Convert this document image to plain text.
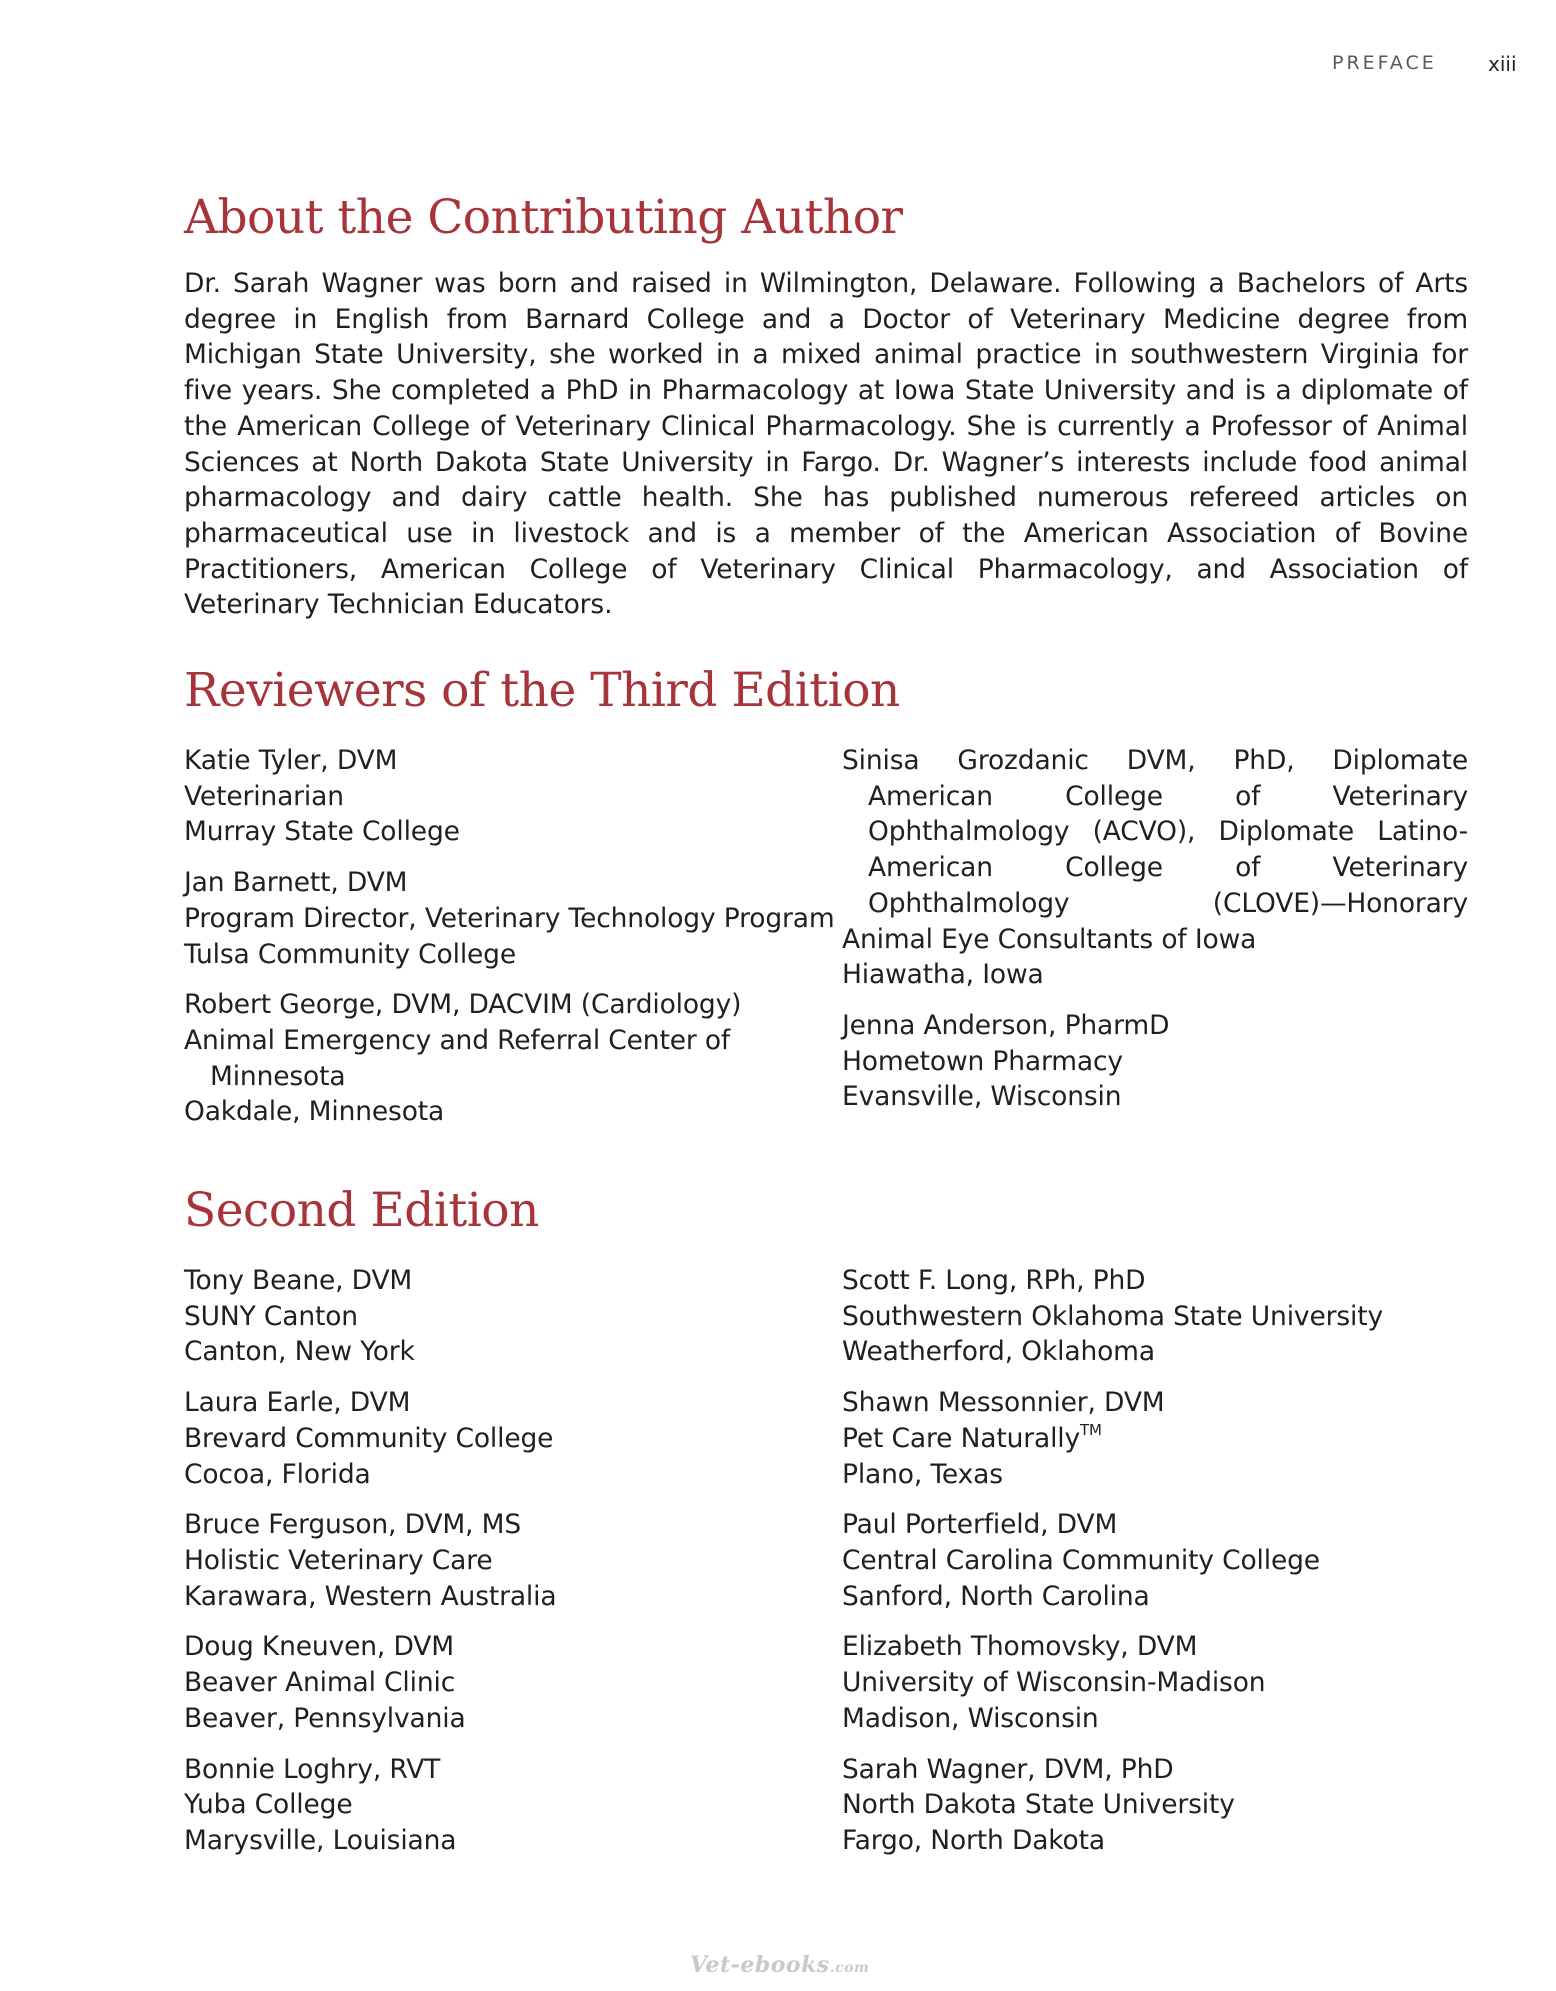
PREFACE	xiii
About the Contributing Author

Dr. Sarah Wagner was born and raised in Wilmington, Delaware. Following a Bachelors of Arts degree in English from Barnard College and a Doctor of Veterinary Medicine degree from Michigan State University, she worked in a mixed animal practice in southwestern Virginia for five years. She completed a PhD in Pharmacology at Iowa State University and is a diplomate of the American College of Veterinary Clinical Pharmacology. She is currently a Professor of Animal Sciences at North Dakota State University in Fargo. Dr. Wagner’s interests include food animal pharmacology and dairy cattle health. She has published numerous refereed articles on pharmaceutical use in livestock and is a member of the American Association of Bovine Practitioners, American College of Veterinary Clinical Pharmacology, and Association of Veterinary Technician Educators.

Reviewers of the Third Edition
Katie Tyler, DVM
Veterinarian
Murray State College
Jan Barnett, DVM
Program Director, Veterinary Technology Program
Tulsa Community College
Robert George, DVM, DACVIM (Cardiology)
Animal Emergency and Referral Center of Minnesota
Oakdale, Minnesota
Sinisa Grozdanic DVM, PhD, Diplomate American College of Veterinary Ophthalmology (ACVO), Diplomate Latino-American College of Veterinary Ophthalmology (CLOVE)—Honorary
Animal Eye Consultants of Iowa
Hiawatha, Iowa
Jenna Anderson, PharmD
Hometown Pharmacy
Evansville, Wisconsin
Second Edition
Tony Beane, DVM
SUNY Canton
Canton, New York
Laura Earle, DVM
Brevard Community College
Cocoa, Florida
Bruce Ferguson, DVM, MS
Holistic Veterinary Care
Karawara, Western Australia
Doug Kneuven, DVM
Beaver Animal Clinic
Beaver, Pennsylvania
Bonnie Loghry, RVT
Yuba College
Marysville, Louisiana
Scott F. Long, RPh, PhD
Southwestern Oklahoma State University
Weatherford, Oklahoma
Shawn Messonnier, DVM
Pet Care Naturally™
Plano, Texas
Paul Porterfield, DVM
Central Carolina Community College
Sanford, North Carolina
Elizabeth Thomovsky, DVM
University of Wisconsin-Madison
Madison, Wisconsin
Sarah Wagner, DVM, PhD
North Dakota State University
Fargo, North Dakota
Vet-ebooks.com
